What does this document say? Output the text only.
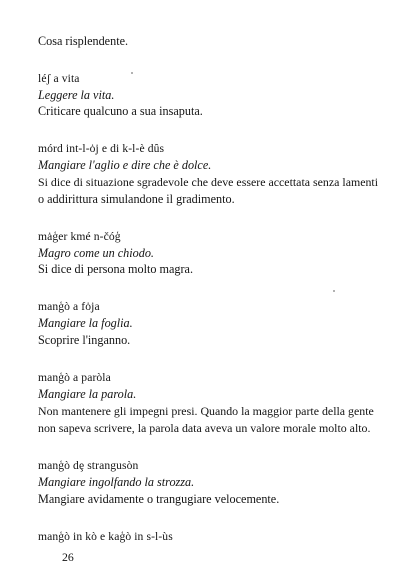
Cosa risplendente.
léʃ a vita
Leggere la vita.
Criticare qualcuno a sua insaputa.
mórd int-l-ȯj e di k-l-è dȗs
Mangiare l'aglio e dire che è dolce.
Si dice di situazione sgradevole che deve essere accettata senza lamenti
o addirittura simulandone il gradimento.
mȧģer kmé n-čóģ
Magro come un chiodo.
Si dice di persona molto magra.
manģò a fȯja
Mangiare la foglia.
Scoprire l'inganno.
manģò a paròla
Mangiare la parola.
Non mantenere gli impegni presi. Quando la maggior parte della gente
non sapeva scrivere, la parola data aveva un valore morale molto alto.
manģò dȩ strangusòn
Mangiare ingolfando la strozza.
Mangiare avidamente o trangugiare velocemente.
manģò in kò e kaģò in s-l-ùs
26
